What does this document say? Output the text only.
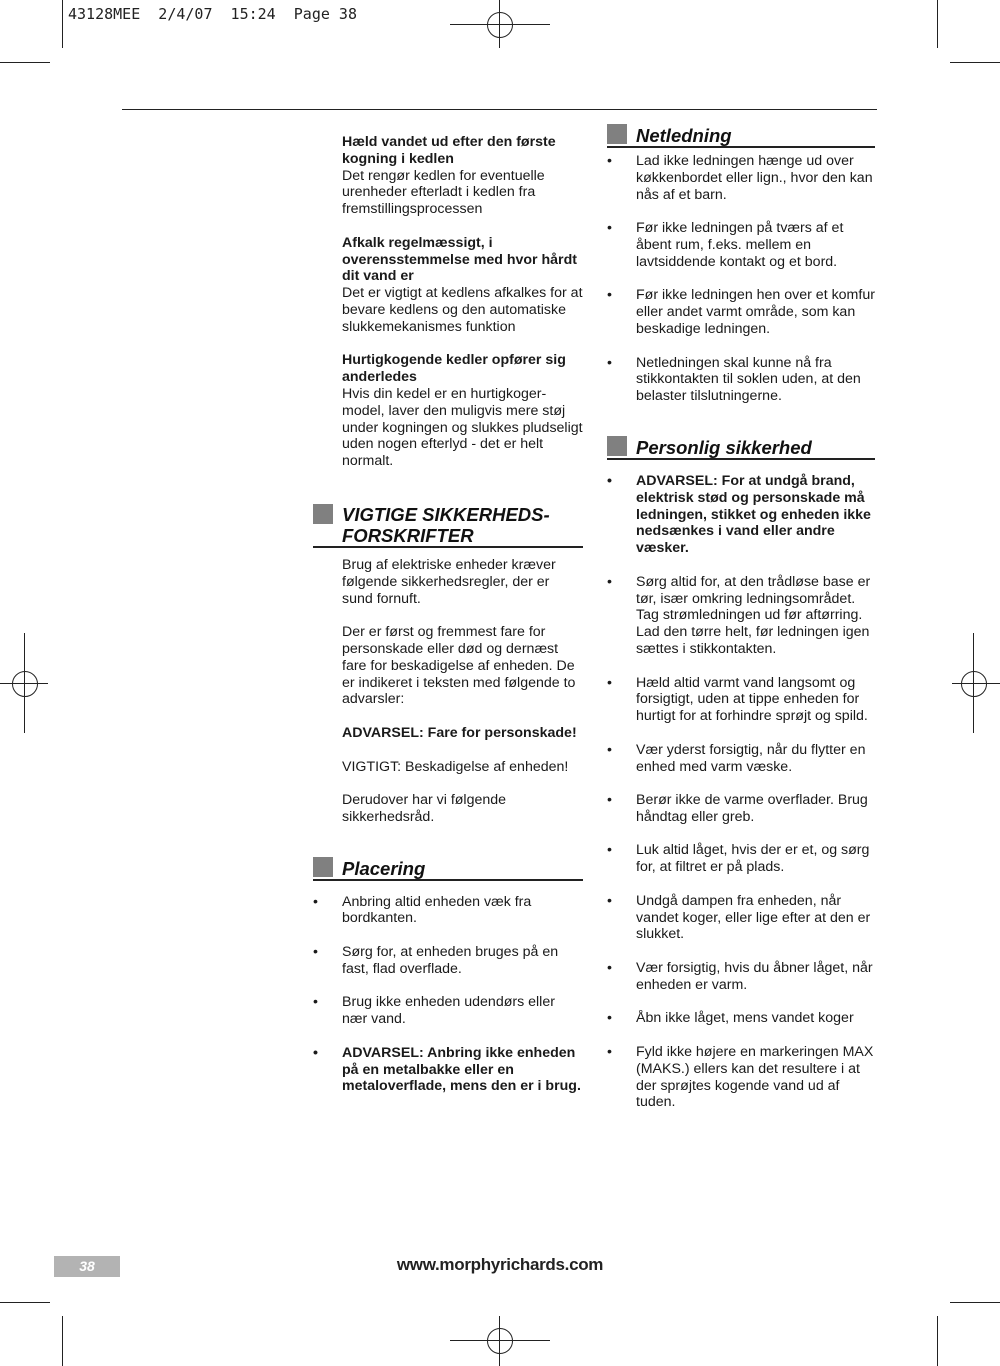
43128MEE  2/4/07  15:24  Page 38
Hæld vandet ud efter den første kogning i kedlen
Det rengør kedlen for eventuelle urenheder efterladt i kedlen fra fremstillingsprocessen
Afkalk regelmæssigt, i overensstemmelse med hvor hårdt dit vand er
Det er vigtigt at kedlens afkalkes for at bevare kedlens og den automatiske slukkemekanismes funktion
Hurtigkogende kedler opfører sig anderledes
Hvis din kedel er en hurtigkoger-model, laver den muligvis mere støj under kogningen og slukkes pludseligt uden nogen efterlyd - det er helt normalt.
VIGTIGE SIKKERHEDS-FORSKRIFTER
Brug af elektriske enheder kræver følgende sikkerhedsregler, der er sund fornuft.
Der er først og fremmest fare for personskade eller død og dernæst fare for beskadigelse af enheden. De er indikeret i teksten med følgende to advarsler:
ADVARSEL: Fare for personskade!
VIGTIGT: Beskadigelse af enheden!
Derudover har vi følgende sikkerhedsråd.
Placering
•	Anbring altid enheden væk fra bordkanten.
•	Sørg for, at enheden bruges på en fast, flad overflade.
•	Brug ikke enheden udendørs eller nær vand.
•	ADVARSEL: Anbring ikke enheden på en metalbakke eller en metaloverflade, mens den er i brug.
Netledning
•	Lad ikke ledningen hænge ud over køkkenbordet eller lign., hvor den kan nås af et barn.
•	Før ikke ledningen på tværs af et åbent rum, f.eks. mellem en lavtsiddende kontakt og et bord.
•	Før ikke ledningen hen over et komfur eller andet varmt område, som kan beskadige ledningen.
•	Netledningen skal kunne nå fra stikkontakten til soklen uden, at den belaster tilslutningerne.
Personlig sikkerhed
•	ADVARSEL: For at undgå brand, elektrisk stød og personskade må ledningen, stikket og enheden ikke nedsænkes i vand eller andre væsker.
•	Sørg altid for, at den trådløse base er tør, især omkring ledningsområdet. Tag strømledningen ud før aftørring. Lad den tørre helt, før ledningen igen sættes i stikkontakten.
•	Hæld altid varmt vand langsomt og forsigtigt, uden at tippe enheden for hurtigt for at forhindre sprøjt og spild.
•	Vær yderst forsigtig, når du flytter en enhed med varm væske.
•	Berør ikke de varme overflader. Brug håndtag eller greb.
•	Luk altid låget, hvis der er et, og sørg for, at filtret er på plads.
•	Undgå dampen fra enheden, når vandet koger, eller lige efter at den er slukket.
•	Vær forsigtig, hvis du åbner låget, når enheden er varm.
•	Åbn ikke låget, mens vandet koger
•	Fyld ikke højere en markeringen MAX (MAKS.) ellers kan det resultere i at der sprøjtes kogende vand ud af tuden.
38	www.morphyrichards.com
